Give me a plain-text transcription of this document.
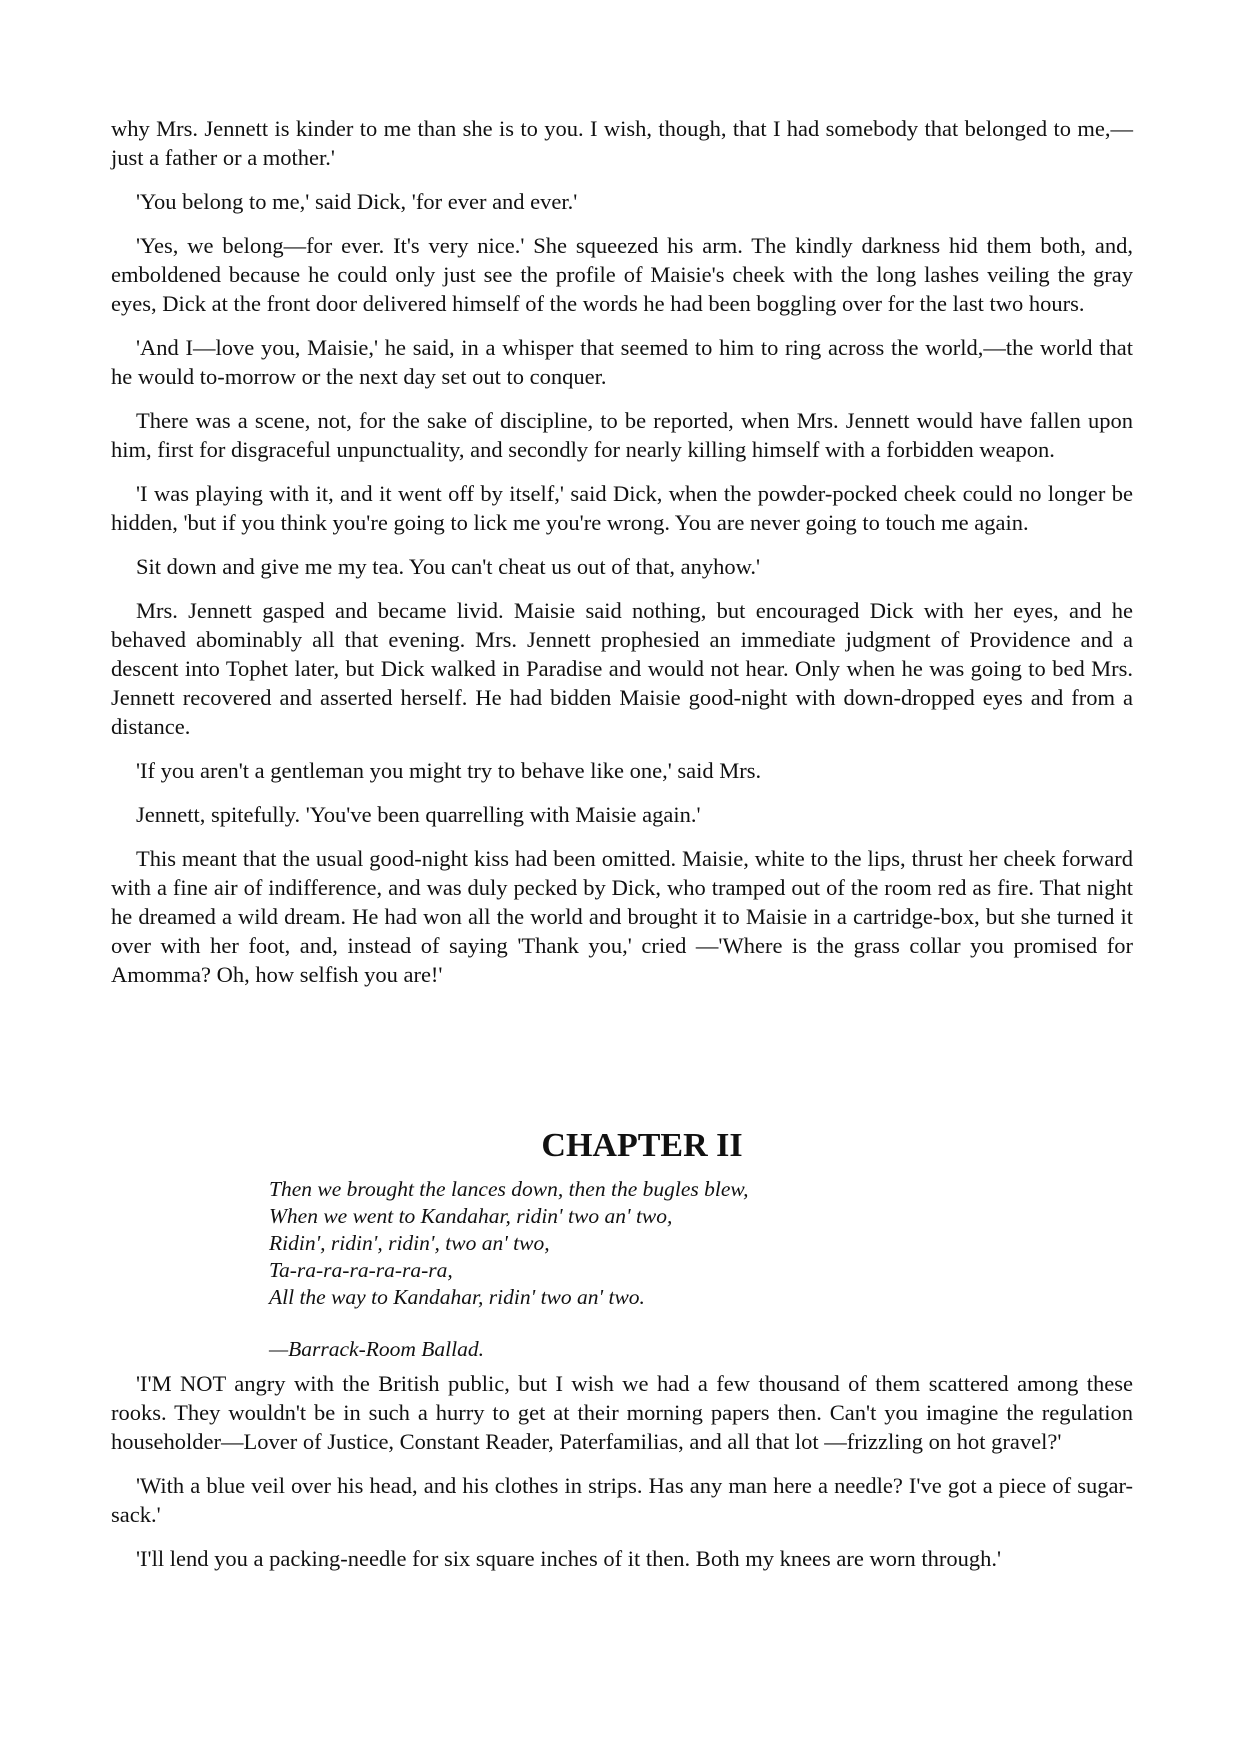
why Mrs. Jennett is kinder to me than she is to you. I wish, though, that I had somebody that belonged to me,—just a father or a mother.'

'You belong to me,' said Dick, 'for ever and ever.'

'Yes, we belong—for ever. It's very nice.' She squeezed his arm. The kindly darkness hid them both, and, emboldened because he could only just see the profile of Maisie's cheek with the long lashes veiling the gray eyes, Dick at the front door delivered himself of the words he had been boggling over for the last two hours.

'And I—love you, Maisie,' he said, in a whisper that seemed to him to ring across the world,—the world that he would to-morrow or the next day set out to conquer.

There was a scene, not, for the sake of discipline, to be reported, when Mrs. Jennett would have fallen upon him, first for disgraceful unpunctuality, and secondly for nearly killing himself with a forbidden weapon.

'I was playing with it, and it went off by itself,' said Dick, when the powder-pocked cheek could no longer be hidden, 'but if you think you're going to lick me you're wrong. You are never going to touch me again.

Sit down and give me my tea. You can't cheat us out of that, anyhow.'

Mrs. Jennett gasped and became livid. Maisie said nothing, but encouraged Dick with her eyes, and he behaved abominably all that evening. Mrs. Jennett prophesied an immediate judgment of Providence and a descent into Tophet later, but Dick walked in Paradise and would not hear. Only when he was going to bed Mrs. Jennett recovered and asserted herself. He had bidden Maisie good-night with down-dropped eyes and from a distance.

'If you aren't a gentleman you might try to behave like one,' said Mrs.

Jennett, spitefully. 'You've been quarrelling with Maisie again.'

This meant that the usual good-night kiss had been omitted. Maisie, white to the lips, thrust her cheek forward with a fine air of indifference, and was duly pecked by Dick, who tramped out of the room red as fire. That night he dreamed a wild dream. He had won all the world and brought it to Maisie in a cartridge-box, but she turned it over with her foot, and, instead of saying 'Thank you,' cried —'Where is the grass collar you promised for Amomma? Oh, how selfish you are!'

CHAPTER II
Then we brought the lances down, then the bugles blew,
When we went to Kandahar, ridin' two an' two,
Ridin', ridin', ridin', two an' two,
Ta-ra-ra-ra-ra-ra-ra,
All the way to Kandahar, ridin' two an' two.
—Barrack-Room Ballad.

'I'M NOT angry with the British public, but I wish we had a few thousand of them scattered among these rooks. They wouldn't be in such a hurry to get at their morning papers then. Can't you imagine the regulation householder—Lover of Justice, Constant Reader, Paterfamilias, and all that lot —frizzling on hot gravel?'

'With a blue veil over his head, and his clothes in strips. Has any man here a needle? I've got a piece of sugar-sack.'

'I'll lend you a packing-needle for six square inches of it then. Both my knees are worn through.'
